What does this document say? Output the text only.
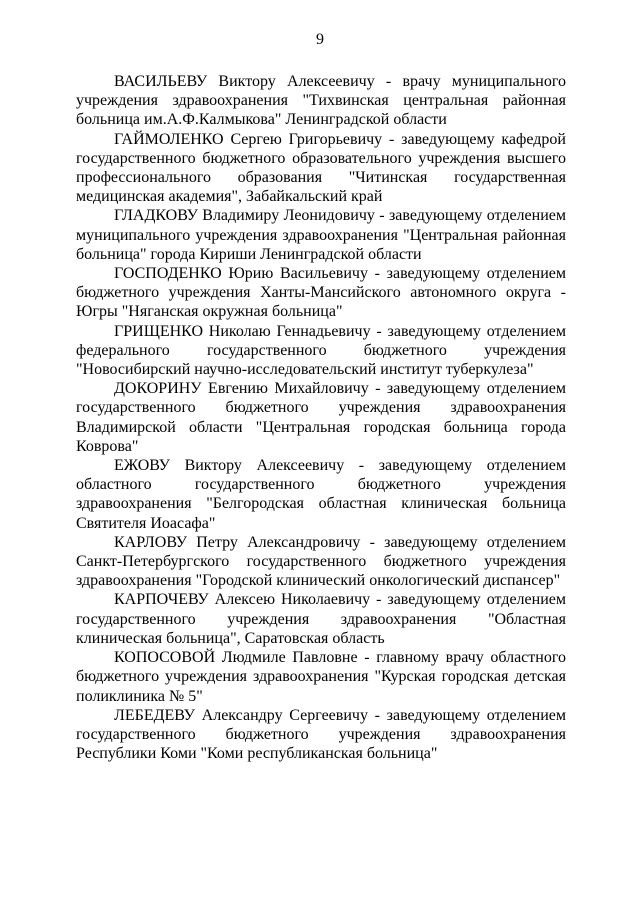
9

ВАСИЛЬЕВУ Виктору Алексеевичу - врачу муниципального учреждения здравоохранения "Тихвинская центральная районная больница им.А.Ф.Калмыкова" Ленинградской области

ГАЙМОЛЕНКО Сергею Григорьевичу - заведующему кафедрой государственного бюджетного образовательного учреждения высшего профессионального образования "Читинская государственная медицинская академия", Забайкальский край

ГЛАДКОВУ Владимиру Леонидовичу - заведующему отделением муниципального учреждения здравоохранения "Центральная районная больница" города Кириши Ленинградской области

ГОСПОДЕНКО Юрию Васильевичу - заведующему отделением бюджетного учреждения Ханты-Мансийского автономного округа - Югры "Няганская окружная больница"

ГРИЩЕНКО Николаю Геннадьевичу - заведующему отделением федерального государственного бюджетного учреждения "Новосибирский научно-исследовательский институт туберкулеза"

ДОКОРИНУ Евгению Михайловичу - заведующему отделением государственного бюджетного учреждения здравоохранения Владимирской области "Центральная городская больница города Коврова"

ЕЖОВУ Виктору Алексеевичу - заведующему отделением областного государственного бюджетного учреждения здравоохранения "Белгородская областная клиническая больница Святителя Иоасафа"

КАРЛОВУ Петру Александровичу - заведующему отделением Санкт-Петербургского государственного бюджетного учреждения здравоохранения "Городской клинический онкологический диспансер"

КАРПОЧЕВУ Алексею Николаевичу - заведующему отделением государственного учреждения здравоохранения "Областная клиническая больница", Саратовская область

КОПОСОВОЙ Людмиле Павловне - главному врачу областного бюджетного учреждения здравоохранения "Курская городская детская поликлиника № 5"

ЛЕБЕДЕВУ Александру Сергеевичу - заведующему отделением государственного бюджетного учреждения здравоохранения Республики Коми "Коми республиканская больница"
